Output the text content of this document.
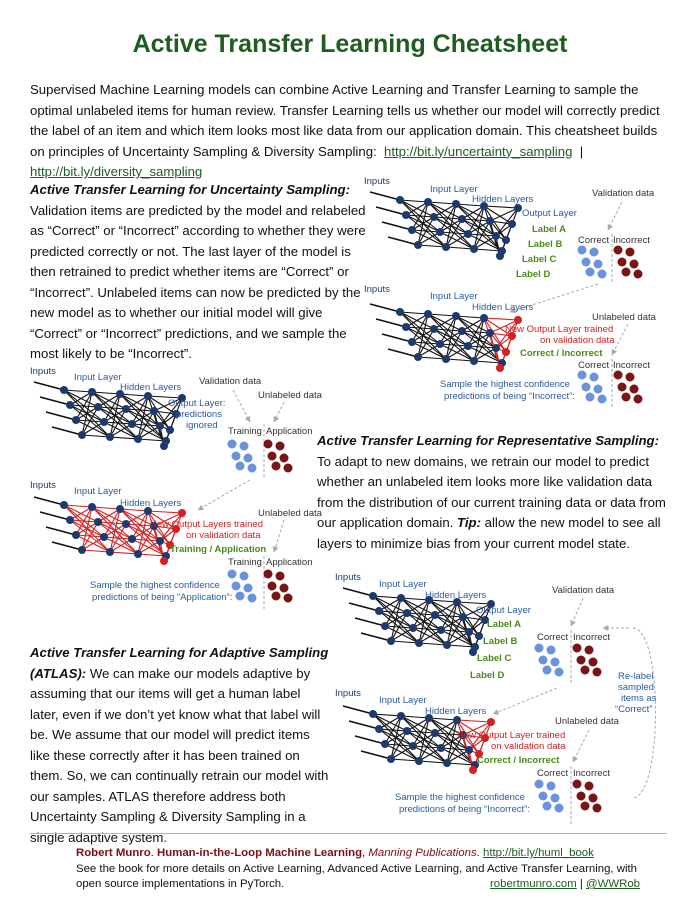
Active Transfer Learning Cheatsheet
Supervised Machine Learning models can combine Active Learning and Transfer Learning to sample the optimal unlabeled items for human review. Transfer Learning tells us whether our model will correctly predict the label of an item and which item looks most like data from our application domain. This cheatsheet builds on principles of Uncertainty Sampling & Diversity Sampling: http://bit.ly/uncertainty_sampling |  http://bit.ly/diversity_sampling
Active Transfer Learning for Uncertainty Sampling:
Validation items are predicted by the model and relabeled as “Correct” or “Incorrect” according to whether they were predicted correctly or not. The last layer of the model is then retrained to predict whether items are “Correct” or “Incorrect”. Unlabeled items can now be predicted by the new model as to whether our initial model will give “Correct” or “Incorrect” predictions, and we sample the most likely to be “Incorrect”.
Active Transfer Learning for Representative Sampling:
To adapt to new domains, we retrain our model to predict whether an unlabeled item looks more like validation data from the distribution of our current training data or data from our application domain. Tip: allow the new model to see all layers to minimize bias from your current model state.
Active Transfer Learning for Adaptive Sampling (ATLAS): We can make our models adaptive by assuming that our items will get a human label later, even if we don’t yet know what that label will be. We assume that our model will predict items like these correctly after it has been trained on them. So, we can continually retrain our model with our samples. ATLAS therefore address both Uncertainty Sampling & Diversity Sampling in a single adaptive system.
Inputs
Input Layer
Hidden Layers
Output Layer
Validation data
Label A
Label B
Label C
Label D
Correct Incorrect
Inputs
Input Layer
Hidden Layers
Unlabeled data
New Output Layer trained
on validation data
Correct / Incorrect
Correct Incorrect
Sample the highest confidence
predictions of being “Incorrect”:
Inputs
Input Layer
Hidden Layers
Output Layer:
predictions
ignored
Validation data
Unlabeled data
Training Application
Inputs
Input Layer
Hidden Layers
Unlabeled data
New Output Layers trained
on validation data
Training / Application
Training Application
Sample the highest confidence
predictions of being “Application”:
Inputs
Input Layer
Hidden Layers
Output Layer
Validation data
Label A
Label B
Label C
Label D
Correct Incorrect
Re-label
sampled
items as
“Correct”
Inputs
Input Layer
Hidden Layers
Unlabeled data
New Output Layer trained
on validation data
Correct / Incorrect
Correct Incorrect
Sample the highest confidence
predictions of being “Incorrect”:
Robert Munro. Human-in-the-Loop Machine Learning, Manning Publications. http://bit.ly/huml_book
See the book for more details on Active Learning, Advanced Active Learning, and Active Transfer Learning, with
open source implementations in PyTorch.	robertmunro.com | @WWRob
